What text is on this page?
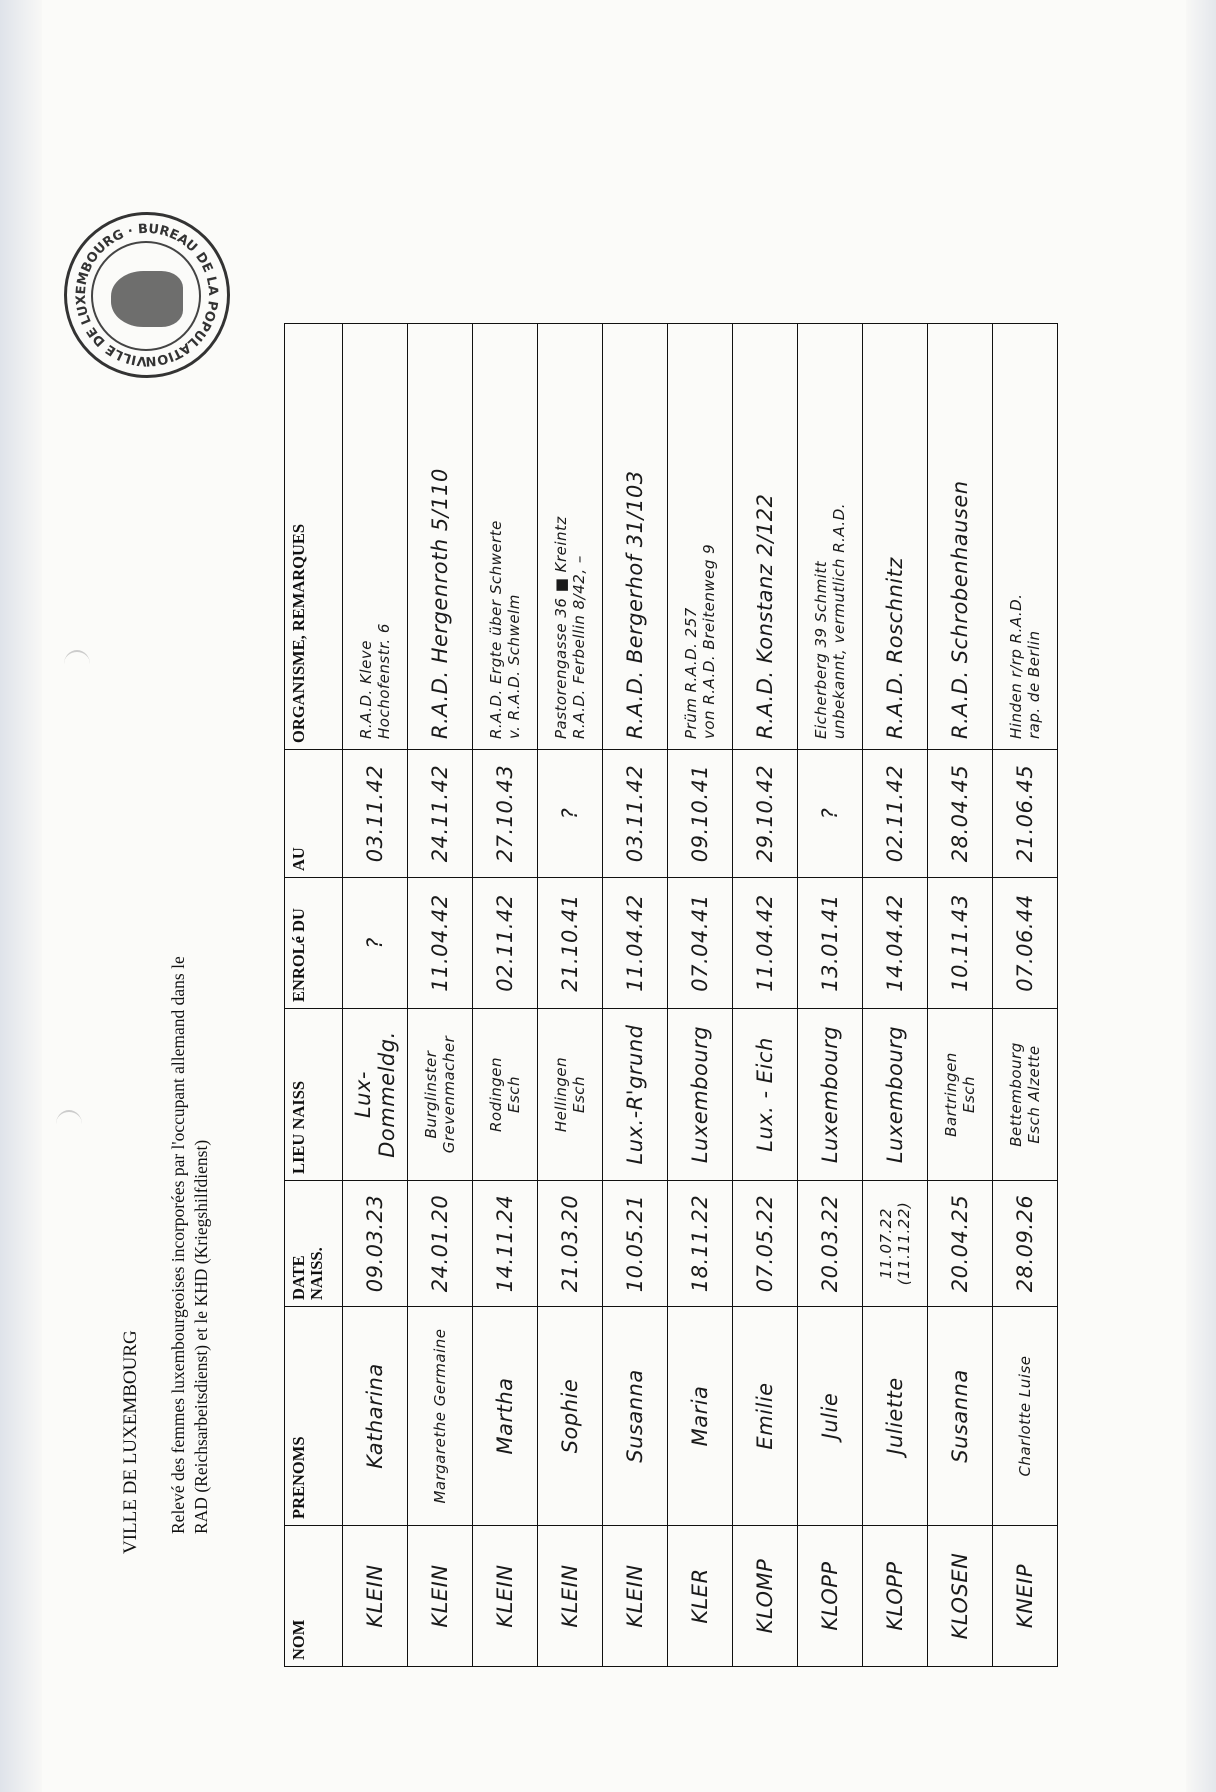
VILLE DE LUXEMBOURG Relevé des femmes luxembourgeoises incorporées par l'occupant allemand dans le RAD (Reichsarbeitsdienst) et le KHD (Kriegshilfdienst)
VILLE DE LUXEMBOURG · BUREAU DE LA POPULATION
NOM	PRENOMS	DATE NAISS.	LIEU NAISS	ENROLé DU	AU	ORGANISME, REMARQUES

KLEIN	Katharina	09.03.23	Lux-Dommeldg.	?	03.11.42	R.A.D. Kleve Hochofenstr. 6

KLEIN	Margarethe Germaine	24.01.20	Burglinster Grevenmacher	11.04.42	24.11.42	R.A.D. Hergenroth 5/110

KLEIN	Martha	14.11.24	Rodingen Esch	02.11.42	27.10.43	R.A.D. Ergte über Schwerte v. R.A.D. Schwelm

KLEIN	Sophie	21.03.20	Hellingen Esch	21.10.41	?	Pastorengasse 36 ■ Kreintz R.A.D. Ferbellin 8/42, –

KLEIN	Susanna	10.05.21	Lux.-R'grund	11.04.42	03.11.42	R.A.D. Bergerhof 31/103

KLER	Maria	18.11.22	Luxembourg	07.04.41	09.10.41	Prüm R.A.D. 257 von R.A.D. Breitenweg 9

KLOMP	Emilie	07.05.22	Lux. - Eich	11.04.42	29.10.42	R.A.D. Konstanz 2/122

KLOPP	Julie	20.03.22	Luxembourg	13.01.41	?	Eicherberg 39 Schmitt unbekannt, vermutlich R.A.D.

KLOPP	Juliette	11.07.22 (11.11.22)	Luxembourg	14.04.42	02.11.42	R.A.D. Roschnitz

KLOSEN	Susanna	20.04.25	Bartringen Esch	10.11.43	28.04.45	R.A.D. Schrobenhausen

KNEIP	Charlotte Luise	28.09.26	Bettembourg Esch Alzette	07.06.44	21.06.45	Hinden r/rp R.A.D. rap. de Berlin
